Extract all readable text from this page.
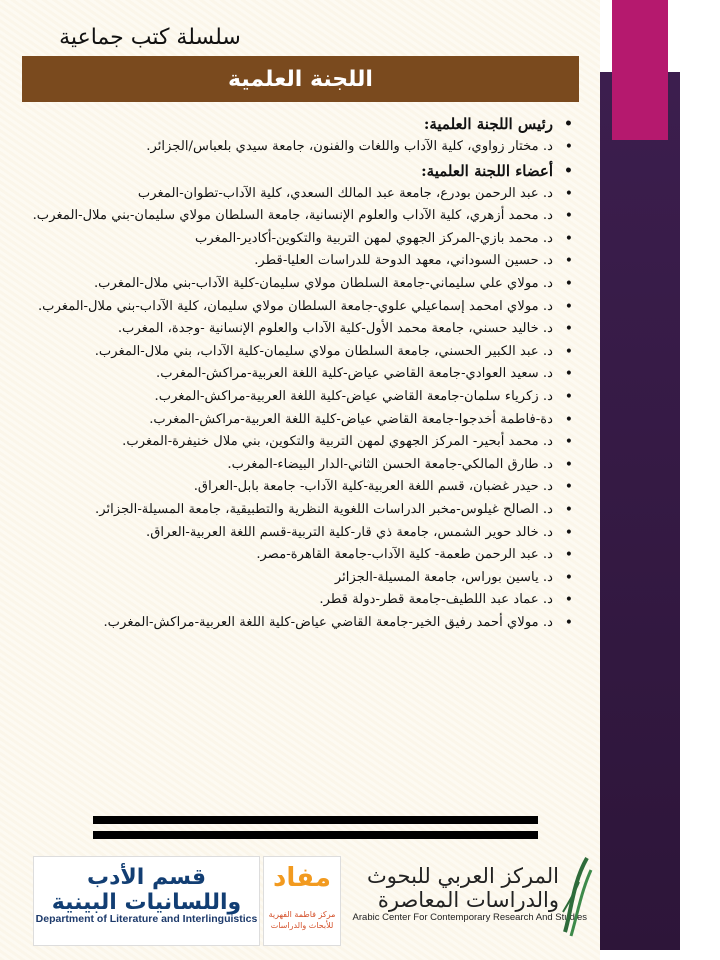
سلسلة كتب جماعية
اللجنة العلمية
• رئيس اللجنة العلمية:
• د. مختار زواوي، كلية الآداب واللغات والفنون، جامعة سيدي بلعباس/الجزائر.
• أعضاء اللجنة العلمية:
• د. عبد الرحمن بودرع، جامعة عبد المالك السعدي، كلية الآداب-تطوان-المغرب
• د. محمد أزهري، كلية الآداب والعلوم الإنسانية، جامعة السلطان مولاي سليمان-بني ملال-المغرب.
• د. محمد بازي-المركز الجهوي لمهن التربية والتكوين-أكادير-المغرب
• د. حسين السوداني، معهد الدوحة للدراسات العليا-قطر.
• د. مولاي علي سليماني-جامعة السلطان مولاي سليمان-كلية الآداب-بني ملال-المغرب.
• د. مولاي امحمد إسماعيلي علوي-جامعة السلطان مولاي سليمان، كلية الآداب-بني ملال-المغرب.
• د. خاليد حسني، جامعة محمد الأول-كلية الآداب والعلوم الإنسانية -وجدة، المغرب.
• د. عبد الكبير الحسني، جامعة السلطان مولاي سليمان-كلية الآداب، بني ملال-المغرب.
• د. سعيد العوادي-جامعة القاضي عياض-كلية اللغة العربية-مراكش-المغرب.
• د. زكرياء سلمان-جامعة القاضي عياض-كلية اللغة العربية-مراكش-المغرب.
• دة-فاطمة أخدجوا-جامعة القاضي عياض-كلية اللغة العربية-مراكش-المغرب.
• د. محمد أبحير- المركز الجهوي لمهن التربية والتكوين، بني ملال خنيفرة-المغرب.
• د. طارق المالكي-جامعة الحسن الثاني-الدار البيضاء-المغرب.
• د. حيدر غضبان، قسم اللغة العربية-كلية الآداب- جامعة بابل-العراق.
• د. الصالح غيلوس-مخبر الدراسات اللغوية النظرية والتطبيقية، جامعة المسيلة-الجزائر.
• د. خالد حوير الشمس، جامعة ذي قار-كلية التربية-قسم اللغة العربية-العراق.
• د. عبد الرحمن طعمة- كلية الآداب-جامعة القاهرة-مصر.
• د. ياسين بوراس، جامعة المسيلة-الجزائر
• د. عماد عبد اللطيف-جامعة قطر-دولة قطر.
• د. مولاي أحمد رفيق الخير-جامعة القاضي عياض-كلية اللغة العربية-مراكش-المغرب.
قسم الأدب واللسانيات البينية
Department of Literature and Interlinguistics
مفاد
مركز فاطمة الفهرية للأبحاث والدراسات
المركز العربي للبحوث والدراسات المعاصرة
Arabic Center For Contemporary Research And Studies
